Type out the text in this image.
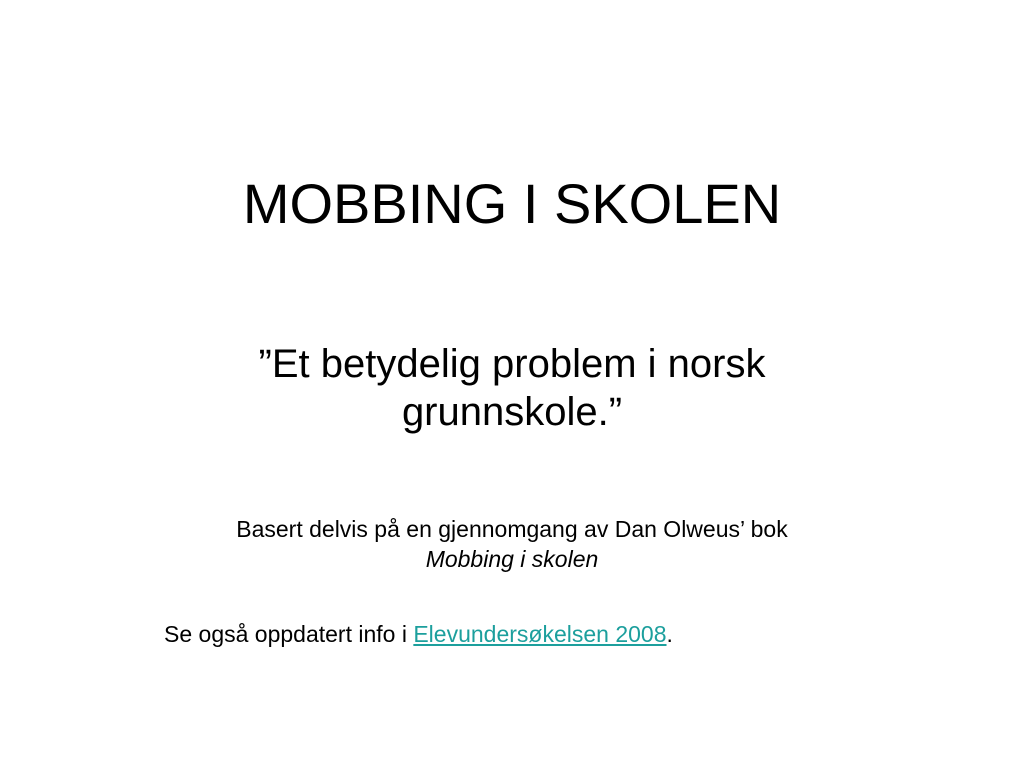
MOBBING I SKOLEN

”Et betydelig problem i norsk
grunnskole.”

Basert delvis på en gjennomgang av Dan Olweus’ bok
Mobbing i skolen

Se også oppdatert info i Elevundersøkelsen 2008.
